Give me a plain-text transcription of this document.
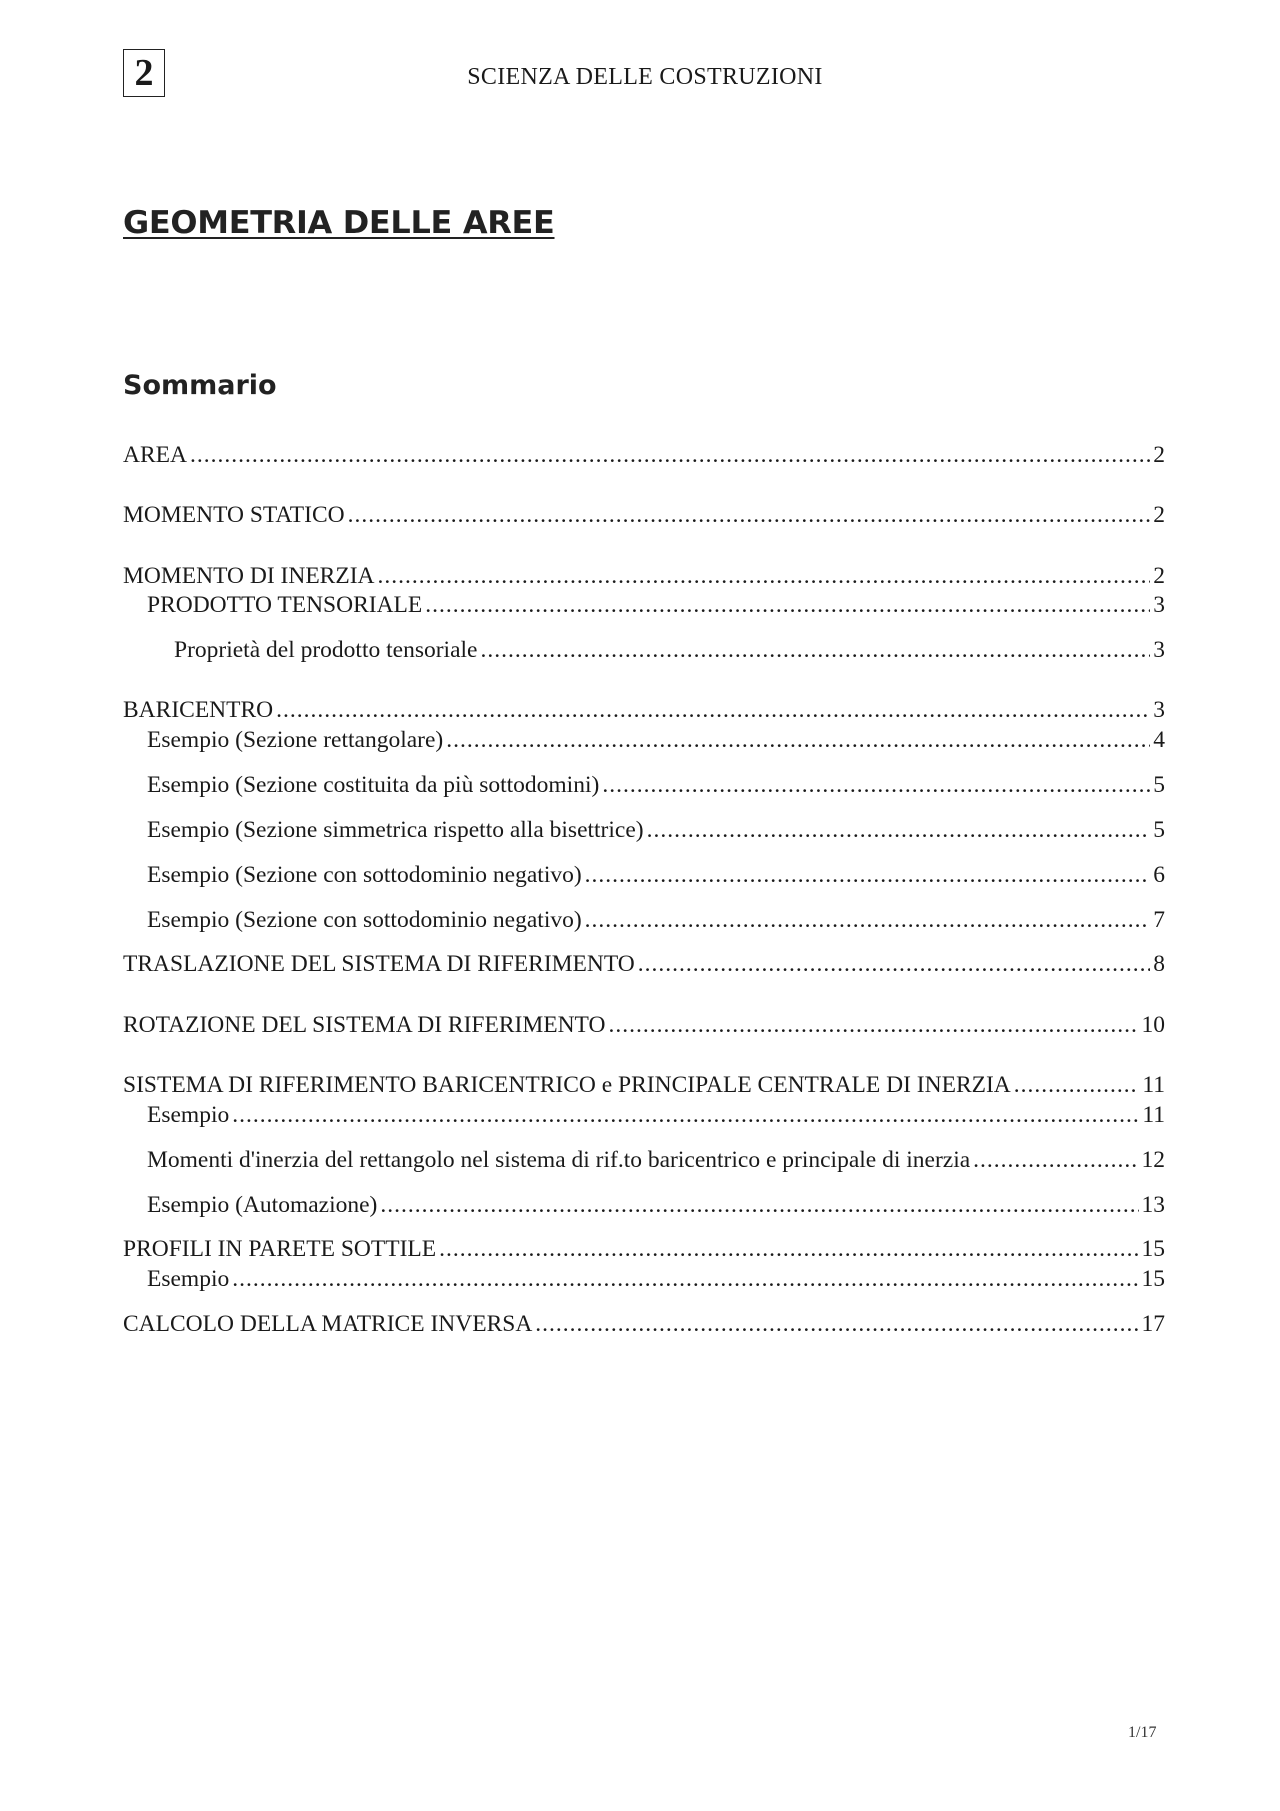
2	SCIENZA DELLE COSTRUZIONI
GEOMETRIA DELLE AREE
Sommario
AREA .....	2
MOMENTO STATICO .....	2
MOMENTO DI INERZIA .....	2
PRODOTTO TENSORIALE .....	3
Proprietà del prodotto tensoriale .....	3
BARICENTRO .....	3
Esempio (Sezione rettangolare) .....	4
Esempio (Sezione costituita da più sottodomini) .....	5
Esempio (Sezione simmetrica rispetto alla bisettrice) .....	5
Esempio (Sezione con sottodominio negativo) .....	6
Esempio (Sezione con sottodominio negativo) .....	7
TRASLAZIONE DEL SISTEMA DI RIFERIMENTO .....	8
ROTAZIONE DEL SISTEMA DI RIFERIMENTO .....	10
SISTEMA DI RIFERIMENTO BARICENTRICO e PRINCIPALE CENTRALE DI INERZIA .....	11
Esempio .....	11
Momenti d'inerzia del rettangolo nel sistema di rif.to baricentrico e principale di inerzia .....	12
Esempio (Automazione) .....	13
PROFILI IN PARETE SOTTILE .....	15
Esempio .....	15
CALCOLO DELLA MATRICE INVERSA .....	17
1/17
